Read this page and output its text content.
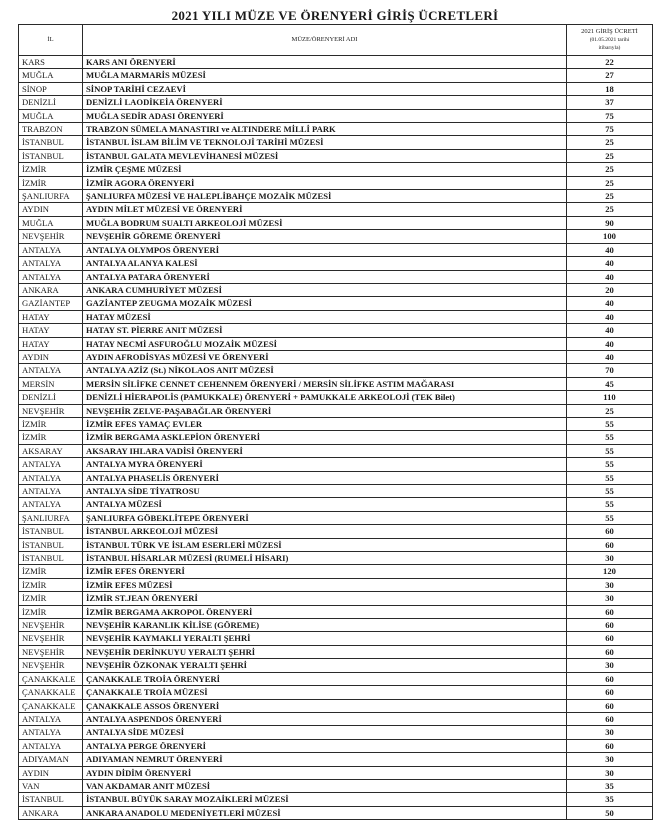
2021 YILI MÜZE VE ÖRENYERİ GİRİŞ ÜCRETLERİ
İL	MÜZE/ÖRENYERİ ADI	2021 GİRİŞ ÜCRETİ
(01.05.2021 tarihi
itibarıyla)

KARS	KARS ANI ÖRENYERİ	22
MUĞLA	MUĞLA MARMARİS MÜZESİ	27
SİNOP	SİNOP TARİHİ CEZAEVİ	18
DENİZLİ	DENİZLİ LAODİKEİA ÖRENYERİ	37
MUĞLA	MUĞLA SEDİR ADASI ÖRENYERİ	75
TRABZON	TRABZON SÜMELA MANASTIRI ve ALTINDERE MİLLİ PARK	75
İSTANBUL	İSTANBUL İSLAM BİLİM VE TEKNOLOJİ TARİHİ MÜZESİ	25
İSTANBUL	İSTANBUL GALATA MEVLEVİHANESİ MÜZESİ	25
İZMİR	İZMİR ÇEŞME MÜZESİ	25
İZMİR	İZMİR AGORA ÖRENYERİ	25
ŞANLIURFA	ŞANLIURFA MÜZESİ VE HALEPLİBAHÇE MOZAİK MÜZESİ	25
AYDIN	AYDIN MİLET MÜZESİ VE ÖRENYERİ	25
MUĞLA	MUĞLA BODRUM SUALTI ARKEOLOJİ MÜZESİ	90
NEVŞEHİR	NEVŞEHİR GÖREME ÖRENYERİ	100
ANTALYA	ANTALYA OLYMPOS ÖRENYERİ	40
ANTALYA	ANTALYA ALANYA KALESİ	40
ANTALYA	ANTALYA PATARA ÖRENYERİ	40
ANKARA	ANKARA CUMHURİYET MÜZESİ	20
GAZİANTEP	GAZİANTEP ZEUGMA MOZAİK MÜZESİ	40
HATAY	HATAY MÜZESİ	40
HATAY	HATAY ST. PİERRE ANIT MÜZESİ	40
HATAY	HATAY NECMİ ASFUROĞLU MOZAİK MÜZESİ	40
AYDIN	AYDIN AFRODİSYAS MÜZESİ VE ÖRENYERİ	40
ANTALYA	ANTALYA AZİZ (St.) NİKOLAOS ANIT MÜZESİ	70
MERSİN	MERSİN SİLİFKE CENNET CEHENNEM ÖRENYERİ / MERSİN SİLİFKE ASTIM MAĞARASI	45
DENİZLİ	DENİZLİ HİERAPOLİS (PAMUKKALE) ÖRENYERİ + PAMUKKALE ARKEOLOJİ (TEK Bilet)	110
NEVŞEHİR	NEVŞEHİR ZELVE-PAŞABAĞLAR ÖRENYERİ	25
İZMİR	İZMİR EFES YAMAÇ EVLER	55
İZMİR	İZMİR BERGAMA ASKLEPİON ÖRENYERİ	55
AKSARAY	AKSARAY IHLARA VADİSİ ÖRENYERİ	55
ANTALYA	ANTALYA MYRA ÖRENYERİ	55
ANTALYA	ANTALYA PHASELİS ÖRENYERİ	55
ANTALYA	ANTALYA SİDE TİYATROSU	55
ANTALYA	ANTALYA MÜZESİ	55
ŞANLIURFA	ŞANLIURFA GÖBEKLİTEPE ÖRENYERİ	55
İSTANBUL	İSTANBUL ARKEOLOJİ MÜZESİ	60
İSTANBUL	İSTANBUL TÜRK VE İSLAM ESERLERİ MÜZESİ	60
İSTANBUL	İSTANBUL HİSARLAR MÜZESİ (RUMELİ HİSARI)	30
İZMİR	İZMİR EFES ÖRENYERİ	120
İZMİR	İZMİR EFES MÜZESİ	30
İZMİR	İZMİR ST.JEAN ÖRENYERİ	30
İZMİR	İZMİR BERGAMA AKROPOL ÖRENYERİ	60
NEVŞEHİR	NEVŞEHİR KARANLIK KİLİSE (GÖREME)	60
NEVŞEHİR	NEVŞEHİR KAYMAKLI YERALTI ŞEHRİ	60
NEVŞEHİR	NEVŞEHİR DERİNKUYU YERALTI ŞEHRİ	60
NEVŞEHİR	NEVŞEHİR ÖZKONAK YERALTI ŞEHRİ	30
ÇANAKKALE	ÇANAKKALE TROİA ÖRENYERİ	60
ÇANAKKALE	ÇANAKKALE TROİA MÜZESİ	60
ÇANAKKALE	ÇANAKKALE ASSOS ÖRENYERİ	60
ANTALYA	ANTALYA ASPENDOS ÖRENYERİ	60
ANTALYA	ANTALYA SİDE MÜZESİ	30
ANTALYA	ANTALYA PERGE ÖRENYERİ	60
ADIYAMAN	ADIYAMAN NEMRUT ÖRENYERİ	30
AYDIN	AYDIN DİDİM ÖRENYERİ	30
VAN	VAN AKDAMAR ANIT MÜZESİ	35
İSTANBUL	İSTANBUL BÜYÜK SARAY MOZAİKLERİ MÜZESİ	35
ANKARA	ANKARA ANADOLU MEDENİYETLERİ MÜZESİ	50
